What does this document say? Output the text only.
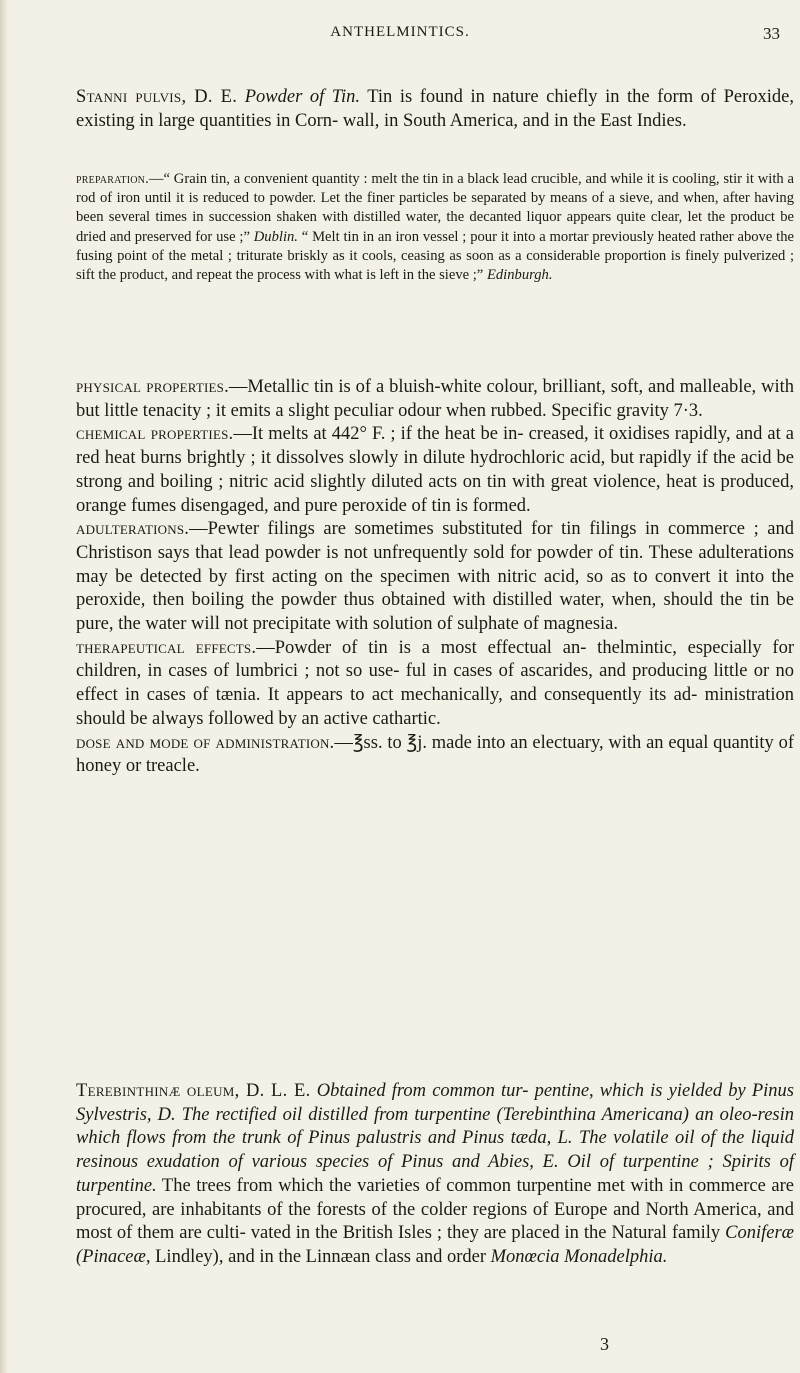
ANTHELMINTICS.	33

Stanni pulvis, D. E. Powder of Tin. Tin is found in nature chiefly in the form of Peroxide, existing in large quantities in Corn- wall, in South America, and in the East Indies.

preparation.—“ Grain tin, a convenient quantity : melt the tin in a black lead crucible, and while it is cooling, stir it with a rod of iron until it is reduced to powder. Let the finer particles be separated by means of a sieve, and when, after having been several times in succession shaken with distilled water, the decanted liquor appears quite clear, let the product be dried and preserved for use ;” Dublin. “ Melt tin in an iron vessel ; pour it into a mortar previously heated rather above the fusing point of the metal ; triturate briskly as it cools, ceasing as soon as a considerable proportion is finely pulverized ; sift the product, and repeat the process with what is left in the sieve ;” Edinburgh.

physical properties.—Metallic tin is of a bluish-white colour, brilliant, soft, and malleable, with but little tenacity ; it emits a slight peculiar odour when rubbed. Specific gravity 7·3.

chemical properties.—It melts at 442° F. ; if the heat be in- creased, it oxidises rapidly, and at a red heat burns brightly ; it dissolves slowly in dilute hydrochloric acid, but rapidly if the acid be strong and boiling ; nitric acid slightly diluted acts on tin with great violence, heat is produced, orange fumes disengaged, and pure peroxide of tin is formed.

adulterations.—Pewter filings are sometimes substituted for tin filings in commerce ; and Christison says that lead powder is not unfrequently sold for powder of tin. These adulterations may be detected by first acting on the specimen with nitric acid, so as to convert it into the peroxide, then boiling the powder thus obtained with distilled water, when, should the tin be pure, the water will not precipitate with solution of sulphate of magnesia.

therapeutical effects.—Powder of tin is a most effectual an- thelmintic, especially for children, in cases of lumbrici ; not so use- ful in cases of ascarides, and producing little or no effect in cases of tænia. It appears to act mechanically, and consequently its ad- ministration should be always followed by an active cathartic.

dose and mode of administration.—℥ss. to ℥j. made into an electuary, with an equal quantity of honey or treacle.

Terebinthinæ oleum, D. L. E. Obtained from common tur- pentine, which is yielded by Pinus Sylvestris, D. The rectified oil distilled from turpentine (Terebinthina Americana) an oleo-resin which flows from the trunk of Pinus palustris and Pinus tæda, L. The volatile oil of the liquid resinous exudation of various species of Pinus and Abies, E. Oil of turpentine ; Spirits of turpentine. The trees from which the varieties of common turpentine met with in commerce are procured, are inhabitants of the forests of the colder regions of Europe and North America, and most of them are culti- vated in the British Isles ; they are placed in the Natural family Coniferæ (Pinaceæ, Lindley), and in the Linnæan class and order Monœcia Monadelphia.

3
